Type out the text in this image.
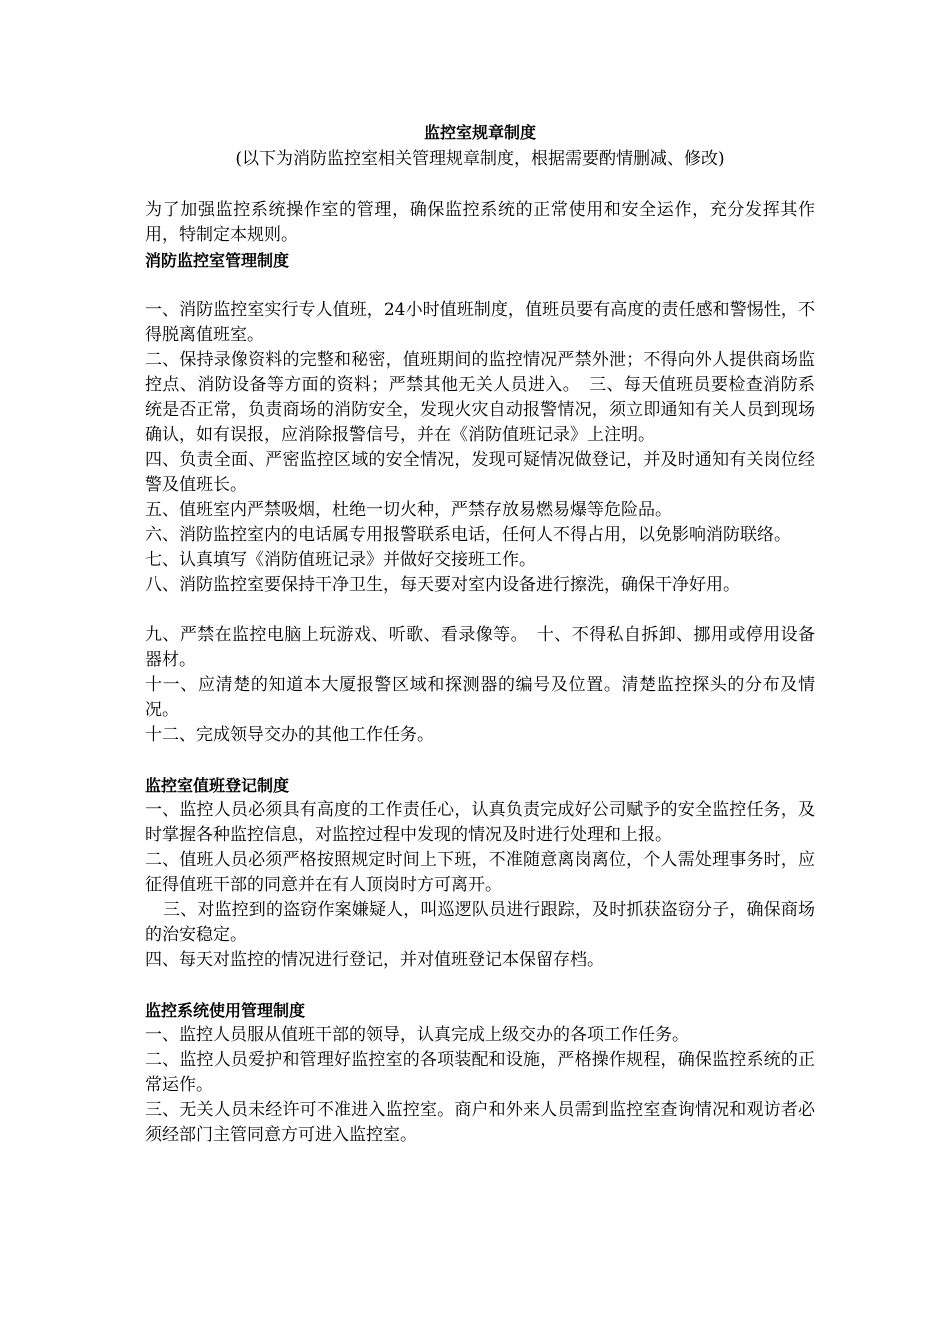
监控室规章制度

(以下为消防监控室相关管理规章制度，根据需要酌情删减、修改)

为了加强监控系统操作室的管理，确保监控系统的正常使用和安全运作，充分发挥其作用，特制定本规则。

消防监控室管理制度

一、消防监控室实行专人值班，24小时值班制度，值班员要有高度的责任感和警惕性，不得脱离值班室。

二、保持录像资料的完整和秘密，值班期间的监控情况严禁外泄；不得向外人提供商场监控点、消防设备等方面的资料；严禁其他无关人员进入。　三、每天值班员要检查消防系统是否正常，负责商场的消防安全，发现火灾自动报警情况，须立即通知有关人员到现场确认，如有误报，应消除报警信号，并在《消防值班记录》上注明。

四、负责全面、严密监控区域的安全情况，发现可疑情况做登记，并及时通知有关岗位经警及值班长。

五、值班室内严禁吸烟，杜绝一切火种，严禁存放易燃易爆等危险品。

六、消防监控室内的电话属专用报警联系电话，任何人不得占用，以免影响消防联络。

七、认真填写《消防值班记录》并做好交接班工作。

八、消防监控室要保持干净卫生，每天要对室内设备进行擦洗，确保干净好用。

九、严禁在监控电脑上玩游戏、听歌、看录像等。　十、不得私自拆卸、挪用或停用设备器材。

十一、应清楚的知道本大厦报警区域和探测器的编号及位置。清楚监控探头的分布及情况。

十二、完成领导交办的其他工作任务。

监控室值班登记制度

一、监控人员必须具有高度的工作责任心，认真负责完成好公司赋予的安全监控任务，及时掌握各种监控信息，对监控过程中发现的情况及时进行处理和上报。

二、值班人员必须严格按照规定时间上下班，不准随意离岗离位，个人需处理事务时，应征得值班干部的同意并在有人顶岗时方可离开。

三、对监控到的盗窃作案嫌疑人，叫巡逻队员进行跟踪，及时抓获盗窃分子，确保商场的治安稳定。

四、每天对监控的情况进行登记，并对值班登记本保留存档。

监控系统使用管理制度

一、监控人员服从值班干部的领导，认真完成上级交办的各项工作任务。

二、监控人员爱护和管理好监控室的各项装配和设施，严格操作规程，确保监控系统的正常运作。

三、无关人员未经许可不准进入监控室。商户和外来人员需到监控室查询情况和观访者必须经部门主管同意方可进入监控室。
